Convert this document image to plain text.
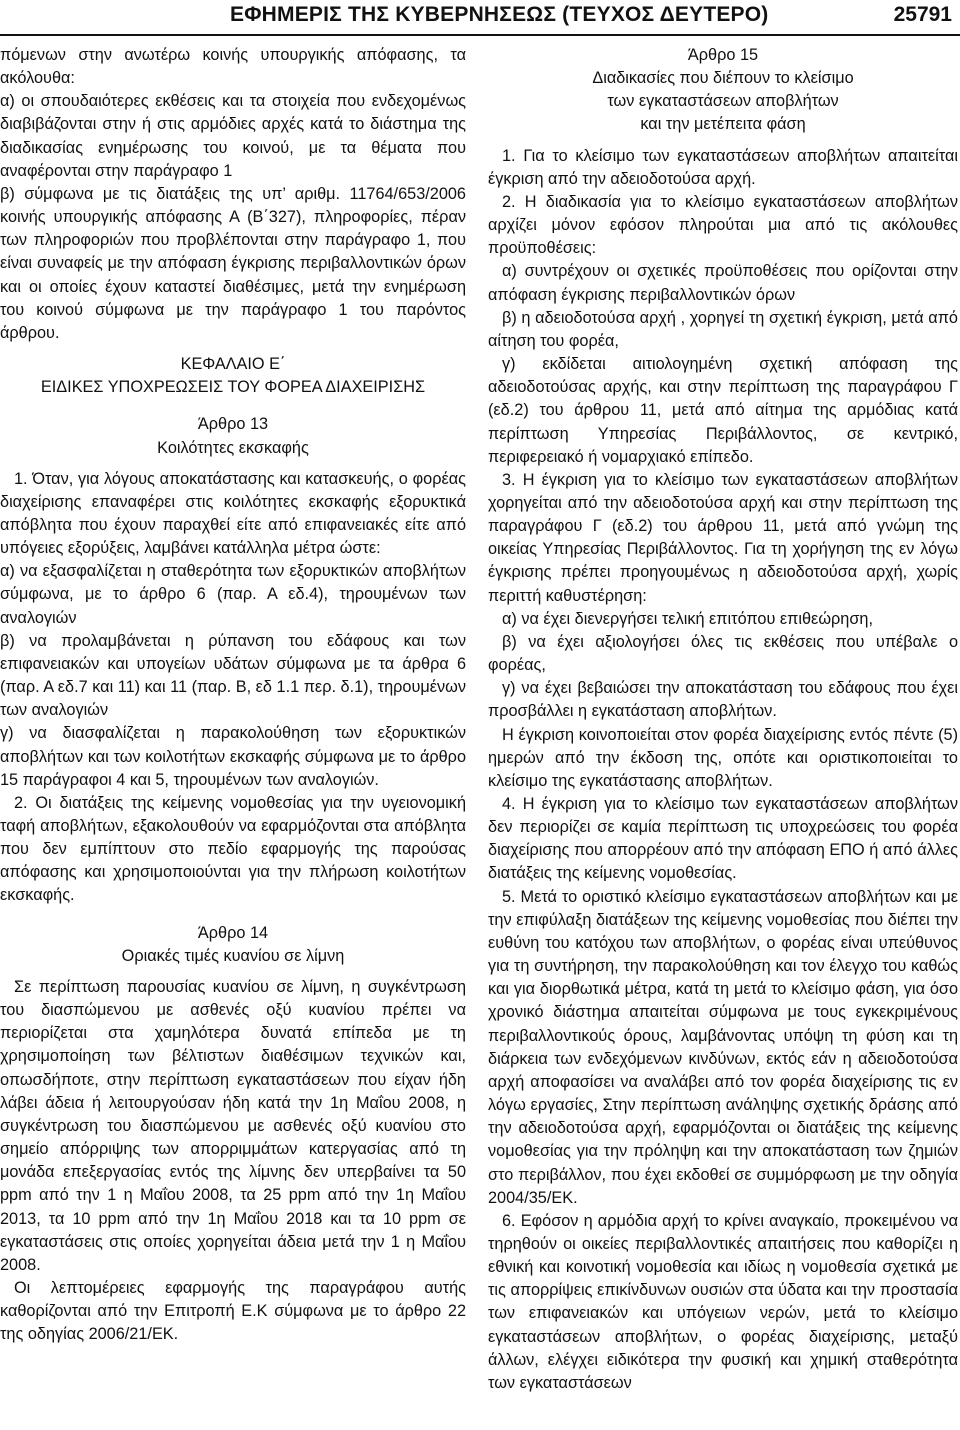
ΕΦΗΜΕΡΙΣ ΤΗΣ ΚΥΒΕΡΝΗΣΕΩΣ (ΤΕΥΧΟΣ ΔΕΥΤΕΡΟ)	25791

πόμενων στην ανωτέρω κοινής υπουργικής απόφασης, τα ακόλουθα:

α) οι σπουδαιότερες εκθέσεις και τα στοιχεία που ενδεχομένως διαβιβάζονται στην ή στις αρμόδιες αρχές κατά το διάστημα της διαδικασίας ενημέρωσης του κοινού, με τα θέματα που αναφέρονται στην παράγραφο 1

β) σύμφωνα με τις διατάξεις της υπ’ αριθμ. 11764/653/2006 κοινής υπουργικής απόφασης Α (Β΄327), πληροφορίες, πέραν των πληροφοριών που προβλέπονται στην παράγραφο 1, που είναι συναφείς με την απόφαση έγκρισης περιβαλλοντικών όρων και οι οποίες έχουν καταστεί διαθέσιμες, μετά την ενημέρωση του κοινού σύμφωνα με την παράγραφο 1 του παρόντος άρθρου.

ΚΕΦΑΛΑΙΟ Ε΄

ΕΙΔΙΚΕΣ ΥΠΟΧΡΕΩΣΕΙΣ ΤΟΥ ΦΟΡΕΑ ΔΙΑΧΕΙΡΙΣΗΣ

Άρθρο 13

Κοιλότητες εκσκαφής

1. Όταν, για λόγους αποκατάστασης και κατασκευής, ο φορέας διαχείρισης επαναφέρει στις κοιλότητες εκσκαφής εξορυκτικά απόβλητα που έχουν παραχθεί είτε από επιφανειακές είτε από υπόγειες εξορύξεις, λαμβάνει κατάλληλα μέτρα ώστε:

α) να εξασφαλίζεται η σταθερότητα των εξορυκτικών αποβλήτων σύμφωνα, με το άρθρο 6 (παρ. Α εδ.4), τηρουμένων των αναλογιών

β) να προλαμβάνεται η ρύπανση του εδάφους και των επιφανειακών και υπογείων υδάτων σύμφωνα με τα άρθρα 6 (παρ. Α εδ.7 και 11) και 11 (παρ. Β, εδ 1.1 περ. δ.1), τηρουμένων των αναλογιών

γ) να διασφαλίζεται η παρακολούθηση των εξορυκτικών αποβλήτων και των κοιλοτήτων εκσκαφής σύμφωνα με το άρθρο 15 παράγραφοι 4 και 5, τηρουμένων των αναλογιών.

2. Οι διατάξεις της κείμενης νομοθεσίας για την υγειονομική ταφή αποβλήτων, εξακολουθούν να εφαρμόζονται στα απόβλητα που δεν εμπίπτουν στο πεδίο εφαρμογής της παρούσας απόφασης και χρησιμοποιούνται για την πλήρωση κοιλοτήτων εκσκαφής.

Άρθρο 14

Οριακές τιμές κυανίου σε λίμνη

Σε περίπτωση παρουσίας κυανίου σε λίμνη, η συγκέντρωση του διασπώμενου με ασθενές οξύ κυανίου πρέπει να περιορίζεται στα χαμηλότερα δυνατά επίπεδα με τη χρησιμοποίηση των βέλτιστων διαθέσιμων τεχνικών και, οπωσδήποτε, στην περίπτωση εγκαταστάσεων που είχαν ήδη λάβει άδεια ή λειτουργούσαν ήδη κατά την 1η Μαΐου 2008, η συγκέντρωση του διασπώμενου με ασθενές οξύ κυανίου στο σημείο απόρριψης των απορριμμάτων κατεργασίας από τη μονάδα επεξεργασίας εντός της λίμνης δεν υπερβαίνει τα 50 ppm από την 1 η Μαΐου 2008, τα 25 ppm από την 1η Μαΐου 2013, τα 10 ppm από την 1η Μαΐου 2018 και τα 10 ppm σε εγκαταστάσεις στις οποίες χορηγείται άδεια μετά την 1 η Μαΐου 2008.

Οι λεπτομέρειες εφαρμογής της παραγράφου αυτής καθορίζονται από την Επιτροπή Ε.Κ σύμφωνα με το άρθρο 22 της οδηγίας 2006/21/ΕΚ.

Άρθρο 15

Διαδικασίες που διέπουν το κλείσιμο

των εγκαταστάσεων αποβλήτων

και την μετέπειτα φάση

1. Για το κλείσιμο των εγκαταστάσεων αποβλήτων απαιτείται έγκριση από την αδειοδοτούσα αρχή.

2. Η διαδικασία για το κλείσιμο εγκαταστάσεων αποβλήτων αρχίζει μόνον εφόσον πληρούται μια από τις ακόλουθες προϋποθέσεις:

α) συντρέχουν οι σχετικές προϋποθέσεις που ορίζονται στην απόφαση έγκρισης περιβαλλοντικών όρων

β) η αδειοδοτούσα αρχή , χορηγεί τη σχετική έγκριση, μετά από αίτηση του φορέα,

γ) εκδίδεται αιτιολογημένη σχετική απόφαση της αδειοδοτούσας αρχής, και στην περίπτωση της παραγράφου Γ (εδ.2) του άρθρου 11, μετά από αίτημα της αρμόδιας κατά περίπτωση Υπηρεσίας Περιβάλλοντος, σε κεντρικό, περιφερειακό ή νομαρχιακό επίπεδο.

3. Η έγκριση για το κλείσιμο των εγκαταστάσεων αποβλήτων χορηγείται από την αδειοδοτούσα αρχή και στην περίπτωση της παραγράφου Γ (εδ.2) του άρθρου 11, μετά από γνώμη της οικείας Υπηρεσίας Περιβάλλοντος. Για τη χορήγηση της εν λόγω έγκρισης πρέπει προηγουμένως η αδειοδοτούσα αρχή, χωρίς περιττή καθυστέρηση:

α) να έχει διενεργήσει τελική επιτόπου επιθεώρηση,

β) να έχει αξιολογήσει όλες τις εκθέσεις που υπέβαλε ο φορέας,

γ) να έχει βεβαιώσει την αποκατάσταση του εδάφους που έχει προσβάλλει η εγκατάσταση αποβλήτων.

Η έγκριση κοινοποιείται στον φορέα διαχείρισης εντός πέντε (5) ημερών από την έκδοση της, οπότε και οριστικοποιείται το κλείσιμο της εγκατάστασης αποβλήτων.

4. Η έγκριση για το κλείσιμο των εγκαταστάσεων αποβλήτων δεν περιορίζει σε καμία περίπτωση τις υποχρεώσεις του φορέα διαχείρισης που απορρέουν από την απόφαση ΕΠΟ ή από άλλες διατάξεις της κείμενης νομοθεσίας.

5. Μετά το οριστικό κλείσιμο εγκαταστάσεων αποβλήτων και με την επιφύλαξη διατάξεων της κείμενης νομοθεσίας που διέπει την ευθύνη του κατόχου των αποβλήτων, ο φορέας είναι υπεύθυνος για τη συντήρηση, την παρακολούθηση και τον έλεγχο του καθώς και για διορθωτικά μέτρα, κατά τη μετά το κλείσιμο φάση, για όσο χρονικό διάστημα απαιτείται σύμφωνα με τους εγκεκριμένους περιβαλλοντικούς όρους, λαμβάνοντας υπόψη τη φύση και τη διάρκεια των ενδεχόμενων κινδύνων, εκτός εάν η αδειοδοτούσα αρχή αποφασίσει να αναλάβει από τον φορέα διαχείρισης τις εν λόγω εργασίες, Στην περίπτωση ανάληψης σχετικής δράσης από την αδειοδοτούσα αρχή, εφαρμόζονται οι διατάξεις της κείμενης νομοθεσίας για την πρόληψη και την αποκατάσταση των ζημιών στο περιβάλλον, που έχει εκδοθεί σε συμμόρφωση με την οδηγία 2004/35/ΕΚ.

6. Εφόσον η αρμόδια αρχή το κρίνει αναγκαίο, προκειμένου να τηρηθούν οι οικείες περιβαλλοντικές απαιτήσεις που καθορίζει η εθνική και κοινοτική νομοθεσία και ιδίως η νομοθεσία σχετικά με τις απορρίψεις επικίνδυνων ουσιών στα ύδατα και την προστασία των επιφανειακών και υπόγειων νερών, μετά το κλείσιμο εγκαταστάσεων αποβλήτων, ο φορέας διαχείρισης, μεταξύ άλλων, ελέγχει ειδικότερα την φυσική και χημική σταθερότητα των εγκαταστάσεων
